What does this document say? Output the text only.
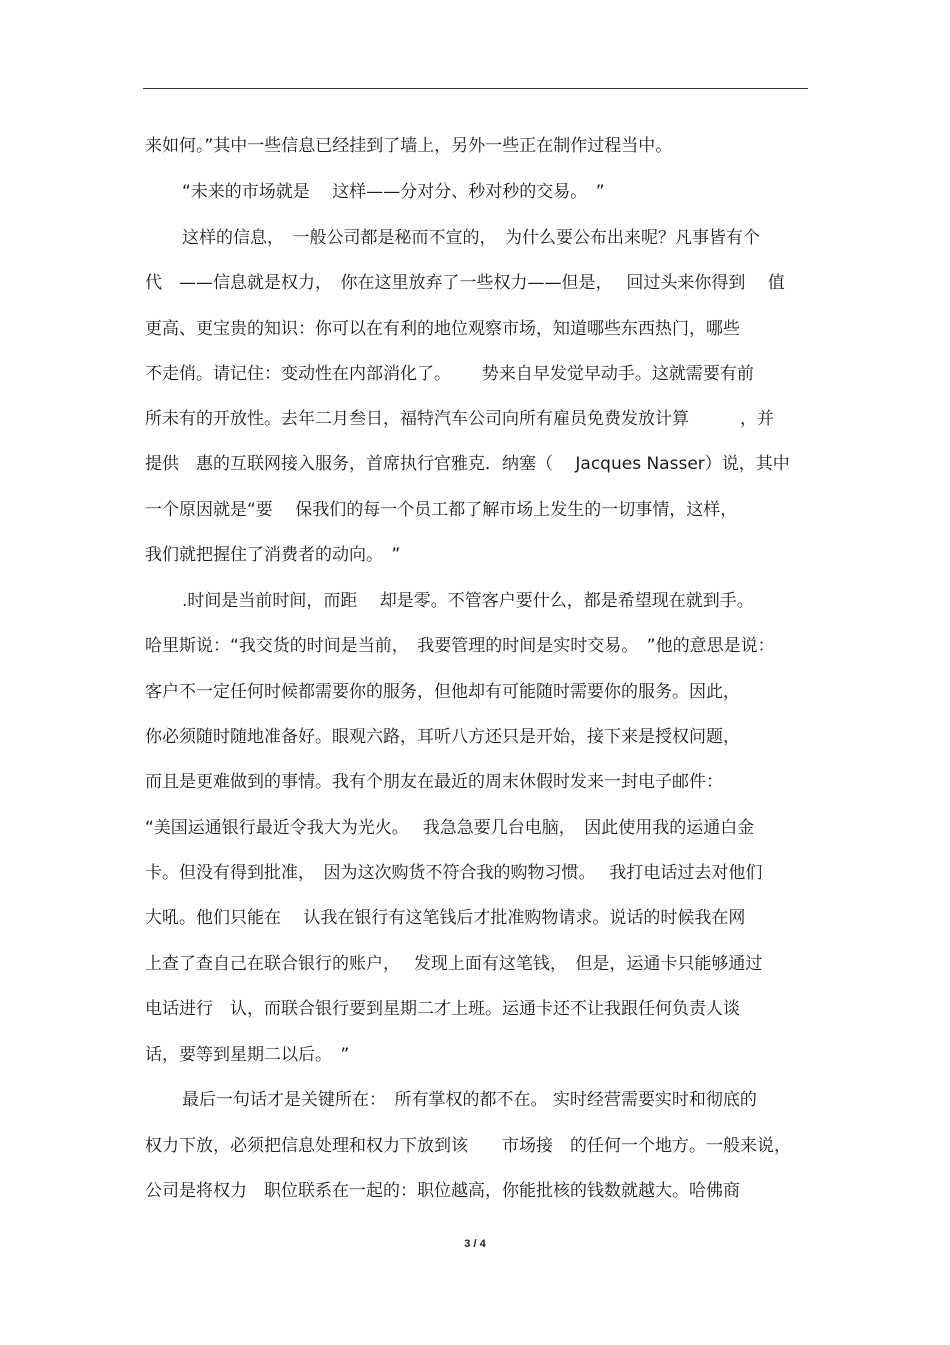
来如何。”其中一些信息已经挂到了墙上，另外一些正在制作过程当中。
“未来的市场就是　 这样——分对分、秒对秒的交易。　”
这样的信息，　一般公司都是秘而不宣的，　为什么要公布出来呢？凡事皆有个
代　——信息就是权力，　你在这里放弃了一些权力——但是，　 回过头来你得到　 值
更高、更宝贵的知识：你可以在有利的地位观察市场，知道哪些东西热门，哪些
不走俏。请记住：变动性在内部消化了。　　 势来自早发觉早动手。这就需要有前
所未有的开放性。去年二月叁日，福特汽车公司向所有雇员免费发放计算　　　，并
提供　惠的互联网接入服务，首席执行官雅克．纳塞（　 Jacques Nasser）说，其中
一个原因就是“要　 保我们的每一个员工都了解市场上发生的一切事情，这样，
我们就把握住了消费者的动向。　”
.时间是当前时间，而距　 却是零。不管客户要什么，都是希望现在就到手。
哈里斯说：“我交货的时间是当前，　我要管理的时间是实时交易。　”他的意思是说：
客户不一定任何时候都需要你的服务，但他却有可能随时需要你的服务。因此，
你必须随时随地准备好。眼观六路，耳听八方还只是开始，接下来是授权问题，
而且是更难做到的事情。我有个朋友在最近的周末休假时发来一封电子邮件：
“美国运通银行最近令我大为光火。　 我急急要几台电脑，　因此使用我的运通白金
卡。但没有得到批准，　因为这次购货不符合我的购物习惯。　 我打电话过去对他们
大吼。他们只能在　 认我在银行有这笔钱后才批准购物请求。说话的时候我在网
上查了查自己在联合银行的账户，　 发现上面有这笔钱，　但是，运通卡只能够通过
电话进行　认，而联合银行要到星期二才上班。运通卡还不让我跟任何负责人谈
话，要等到星期二以后。　”
最后一句话才是关键所在：　所有掌权的都不在。 实时经营需要实时和彻底的
权力下放，必须把信息处理和权力下放到该　　市场接　的任何一个地方。一般来说，
公司是将权力　职位联系在一起的：职位越高，你能批核的钱数就越大。哈佛商
3 / 4
